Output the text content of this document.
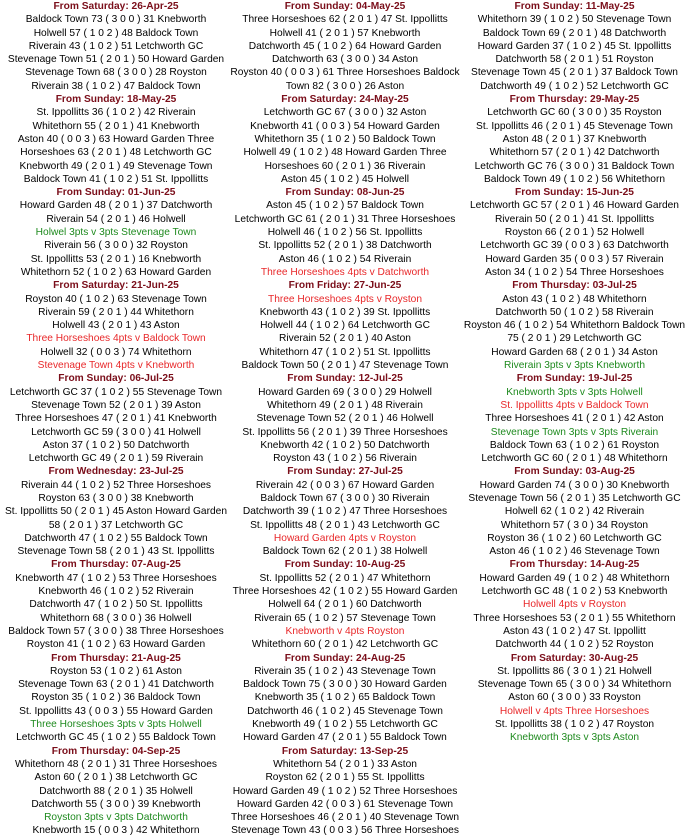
From Saturday: 26-Apr-25
Baldock Town 73 ( 3 0 0 ) 31 Knebworth
Holwell 57 ( 1 0 2 ) 48 Baldock Town
Riverain 43 ( 1 0 2 ) 51 Letchworth GC
Stevenage Town 51 ( 2 0 1 ) 50 Howard Garden
Stevenage Town 68 ( 3 0 0 ) 28 Royston
Riverain 38 ( 1 0 2 ) 47 Baldock Town
From Sunday: 18-May-25
St. Ippollitts 36 ( 1 0 2 ) 42 Riverain
Whitethorn 55 ( 2 0 1 ) 41 Knebworth
Aston 40 ( 0 0 3 ) 63 Howard Garden Three Horseshoes 63 ( 2 0 1 ) 48 Letchworth GC
Knebworth 49 ( 2 0 1 ) 49 Stevenage Town
Baldock Town 41 ( 1 0 2 ) 51 St. Ippollitts
From Sunday: 01-Jun-25
Howard Garden 48 ( 2 0 1 ) 37 Datchworth
Riverain 54 ( 2 0 1 ) 46 Holwell
Holwel 3pts v 3pts Stevenage Town
Riverain 56 ( 3 0 0 ) 32 Royston
St. Ippollitts 53 ( 2 0 1 ) 16 Knebworth
Whitethorn 52 ( 1 0 2 ) 63 Howard Garden
From Saturday: 21-Jun-25
Royston 40 ( 1 0 2 ) 63 Stevenage Town
Riverain 59 ( 2 0 1 ) 44 Whitethorn
Holwell 43 ( 2 0 1 ) 43 Aston
Three Horseshoes 4pts v Baldock Town
Holwell 32 ( 0 0 3 ) 74 Whitethorn
Stevenage Town 4pts v Knebworth
From Sunday: 06-Jul-25
Letchworth GC 37 ( 1 0 2 ) 55 Stevenage Town
Stevenage Town 52 ( 2 0 1 ) 39 Aston
Three Horseshoes 47 ( 2 0 1 ) 41 Knebworth
Letchworth GC 59 ( 3 0 0 ) 41 Holwell
Aston 37 ( 1 0 2 ) 50 Datchworth
Letchworth GC 49 ( 2 0 1 ) 59 Riverain
From Wednesday: 23-Jul-25
Riverain 44 ( 1 0 2 ) 52 Three Horseshoes
Royston 63 ( 3 0 0 ) 38 Knebworth
St. Ippollitts 50 ( 2 0 1 ) 45 Aston Howard Garden 58 ( 2 0 1 ) 37 Letchworth GC
Datchworth 47 ( 1 0 2 ) 55 Baldock Town
Stevenage Town 58 ( 2 0 1 ) 43 St. Ippollitts
From Thursday: 07-Aug-25
Knebworth 47 ( 1 0 2 ) 53 Three Horseshoes
Knebworth 46 ( 1 0 2 ) 52 Riverain
Datchworth 47 ( 1 0 2 ) 50 St. Ippollitts
Whitethorn 68 ( 3 0 0 ) 36 Holwell
Baldock Town 57 ( 3 0 0 ) 38 Three Horseshoes
Royston 41 ( 1 0 2 ) 63 Howard Garden
From Thursday: 21-Aug-25
Royston 53 ( 1 0 2 ) 61 Aston
Stevenage Town 63 ( 2 0 1 ) 41 Datchworth
Royston 35 ( 1 0 2 ) 36 Baldock Town
St. Ippollitts 43 ( 0 0 3 ) 55 Howard Garden
Three Horseshoes 3pts v 3pts Holwell
Letchworth GC 45 ( 1 0 2 ) 55 Baldock Town
From Thursday: 04-Sep-25
Whitethorn 48 ( 2 0 1 ) 31 Three Horseshoes
Aston 60 ( 2 0 1 ) 38 Letchworth GC
Datchworth 88 ( 2 0 1 ) 35 Holwell
Datchworth 55 ( 3 0 0 ) 39 Knebworth
Royston 3pts v 3pts Datchworth
Knebworth 15 ( 0 0 3 ) 42 Whitethorn
From Sunday: 04-May-25
Three Horseshoes 62 ( 2 0 1 ) 47 St. Ippollitts
Holwell 41 ( 2 0 1 ) 57 Knebworth
Datchworth 45 ( 1 0 2 ) 64 Howard Garden
Datchworth 63 ( 3 0 0 ) 34 Aston
Royston 40 ( 0 0 3 ) 61 Three Horseshoes Baldock Town 82 ( 3 0 0 ) 26 Aston
From Saturday: 24-May-25
Letchworth GC 67 ( 3 0 0 ) 32 Aston
Knebworth 41 ( 0 0 3 ) 54 Howard Garden Whitethorn 35 ( 1 0 2 ) 50 Baldock Town
Holwell 49 ( 1 0 2 ) 48 Howard Garden Three
Horseshoes 60 ( 2 0 1 ) 36 Riverain
Aston 45 ( 1 0 2 ) 45 Holwell
From Sunday: 08-Jun-25
Aston 45 ( 1 0 2 ) 57 Baldock Town
Letchworth GC 61 ( 2 0 1 ) 31 Three Horseshoes
Holwell 46 ( 1 0 2 ) 56 St. Ippollitts
St. Ippollitts 52 ( 2 0 1 ) 38 Datchworth
Aston 46 ( 1 0 2 ) 54 Riverain
Three Horseshoes 4pts v Datchworth
From Friday: 27-Jun-25
Three Horseshoes 4pts v Royston
Knebworth 43 ( 1 0 2 ) 39 St. Ippollitts
Holwell 44 ( 1 0 2 ) 64 Letchworth GC
Riverain 52 ( 2 0 1 ) 40 Aston
Whitethorn 47 ( 1 0 2 ) 51 St. Ippollitts
Baldock Town 50 ( 2 0 1 ) 47 Stevenage Town
From Sunday: 12-Jul-25
Howard Garden 69 ( 3 0 0 ) 29 Holwell
Whitethorn 49 ( 2 0 1 ) 48 Riverain
Stevenage Town 52 ( 2 0 1 ) 46 Holwell
St. Ippollitts 56 ( 2 0 1 ) 39 Three Horseshoes
Knebworth 42 ( 1 0 2 ) 50 Datchworth
Royston 43 ( 1 0 2 ) 56 Riverain
From Sunday: 27-Jul-25
Riverain 42 ( 0 0 3 ) 67 Howard Garden
Baldock Town 67 ( 3 0 0 ) 30 Riverain
Datchworth 39 ( 1 0 2 ) 47 Three Horseshoes
St. Ippollitts 48 ( 2 0 1 ) 43 Letchworth GC
Howard Garden 4pts v Royston
Baldock Town 62 ( 2 0 1 ) 38 Holwell
From Sunday: 10-Aug-25
St. Ippollitts 52 ( 2 0 1 ) 47 Whitethorn
Three Horseshoes 42 ( 1 0 2 ) 55 Howard Garden
Holwell 64 ( 2 0 1 ) 60 Datchworth
Riverain 65 ( 1 0 2 ) 57 Stevenage Town
Knebworth v 4pts Royston
Whitethorn 60 ( 2 0 1 ) 42 Letchworth GC
From Sunday: 24-Aug-25
Riverain 35 ( 1 0 2 ) 43 Stevenage Town
Baldock Town 75 ( 3 0 0 ) 30 Howard Garden
Knebworth 35 ( 1 0 2 ) 65 Baldock Town
Datchworth 46 ( 1 0 2 ) 45 Stevenage Town
Knebworth 49 ( 1 0 2 ) 55 Letchworth GC
Howard Garden 47 ( 2 0 1 ) 55 Baldock Town
From Saturday: 13-Sep-25
Whitethorn 54 ( 2 0 1 ) 33 Aston
Royston 62 ( 2 0 1 ) 55 St. Ippollitts
Howard Garden 49 ( 1 0 2 ) 52 Three Horseshoes
Howard Garden 42 ( 0 0 3 ) 61 Stevenage Town
Three Horseshoes 46 ( 2 0 1 ) 40 Stevenage Town
Stevenage Town 43 ( 0 0 3 ) 56 Three Horseshoes
From Sunday: 11-May-25
Whitethorn 39 ( 1 0 2 ) 50 Stevenage Town
Baldock Town 69 ( 2 0 1 ) 48 Datchworth
Howard Garden 37 ( 1 0 2 ) 45 St. Ippollitts
Datchworth 58 ( 2 0 1 ) 51 Royston
Stevenage Town 45 ( 2 0 1 ) 37 Baldock Town
Datchworth 49 ( 1 0 2 ) 52 Letchworth GC
From Thursday: 29-May-25
Letchworth GC 60 ( 3 0 0 ) 35 Royston
St. Ippollitts 46 ( 2 0 1 ) 45 Stevenage Town
Aston 48 ( 2 0 1 ) 37 Knebworth
Whitethorn 57 ( 2 0 1 ) 42 Datchworth
Letchworth GC 76 ( 3 0 0 ) 31 Baldock Town
Baldock Town 49 ( 1 0 2 ) 56 Whitethorn
From Sunday: 15-Jun-25
Letchworth GC 57 ( 2 0 1 ) 46 Howard Garden
Riverain 50 ( 2 0 1 ) 41 St. Ippollitts
Royston 66 ( 2 0 1 ) 52 Holwell
Letchworth GC 39 ( 0 0 3 ) 63 Datchworth
Howard Garden 35 ( 0 0 3 ) 57 Riverain
Aston 34 ( 1 0 2 ) 54 Three Horseshoes
From Thursday: 03-Jul-25
Aston 43 ( 1 0 2 ) 48 Whitethorn
Datchworth 50 ( 1 0 2 ) 58 Riverain
Royston 46 ( 1 0 2 ) 54 Whitethorn Baldock Town 75 ( 2 0 1 ) 29 Letchworth GC
Howard Garden 68 ( 2 0 1 ) 34 Aston
Riverain 3pts v 3pts Knebworth
From Sunday: 19-Jul-25
Knebworth 3pts v 3pts Holwell
St. Ippollitts 4pts v Baldock Town
Three Horseshoes 41 ( 2 0 1 ) 42 Aston
Stevenage Town 3pts v 3pts Riverain
Baldock Town 63 ( 1 0 2 ) 61 Royston
Letchworth GC 60 ( 2 0 1 ) 48 Whitethorn
From Sunday: 03-Aug-25
Howard Garden 74 ( 3 0 0 ) 30 Knebworth
Stevenage Town 56 ( 2 0 1 ) 35 Letchworth GC
Holwell 62 ( 1 0 2 ) 42 Riverain
Whitethorn 57 ( 3 0 ) 34 Royston
Royston 36 ( 1 0 2 ) 60 Letchworth GC
Aston 46 ( 1 0 2 ) 46 Stevenage Town
From Thursday: 14-Aug-25
Howard Garden 49 ( 1 0 2 ) 48 Whitethorn
Letchworth GC 48 ( 1 0 2 ) 53 Knebworth
Holwell 4pts v Royston
Three Horseshoes 53 ( 2 0 1 ) 55 Whitethorn
Aston 43 ( 1 0 2 ) 47 St. Ippollitt
Datchworth 44 ( 1 0 2 ) 52 Royston
From Saturday: 30-Aug-25
St. Ippollitts 86 ( 3 0 1 ) 21 Holwell
Stevenage Town 65 ( 3 0 0 ) 34 Whitethorn
Aston 60 ( 3 0 0 ) 33 Royston
Holwell v 4pts Three Horseshoes
St. Ippollitts 38 ( 1 0 2 ) 47 Royston
Knebworth 3pts v 3pts Aston
